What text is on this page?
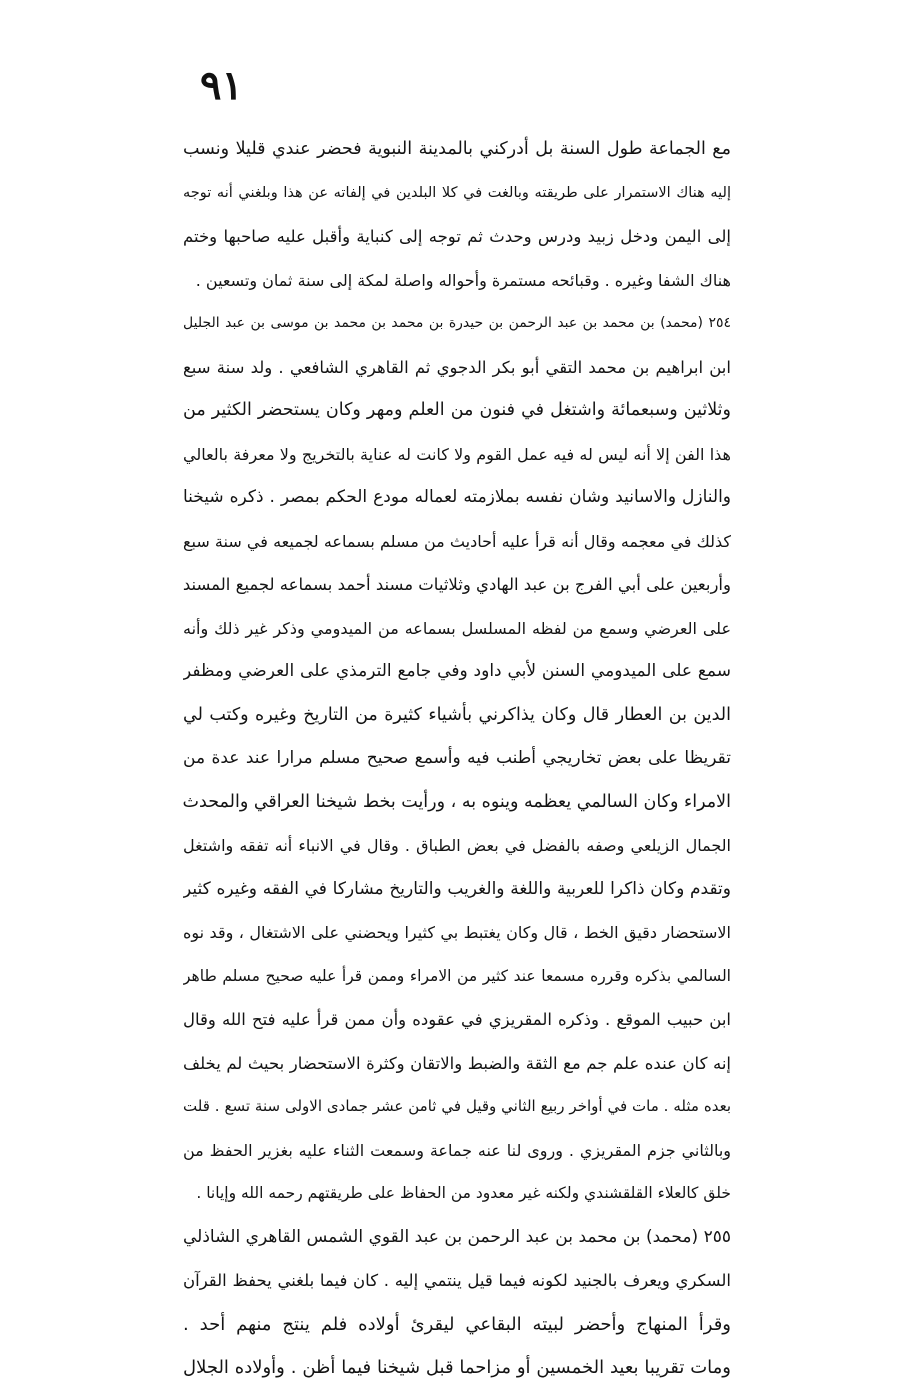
٩١
مع الجماعة طول السنة بل أدركني بالمدينة النبوية فحضر عندي قليلا ونسب
إليه هناك الاستمرار على طريقته وبالغت في كلا البلدين في إلفاته عن هذا وبلغني أنه توجه
إلى اليمن ودخل زبيد ودرس وحدث ثم توجه إلى كنباية وأقبل عليه صاحبها وختم
هناك الشفا وغيره . وقبائحه مستمرة وأحواله واصلة لمكة إلى سنة ثمان وتسعين .
٢٥٤ (محمد) بن محمد بن عبد الرحمن بن حيدرة بن محمد بن محمد بن موسى بن عبد الجليل
ابن ابراهيم بن محمد التقي أبو بكر الدجوي ثم القاهري الشافعي . ولد سنة سبع
وثلاثين وسبعمائة واشتغل في فنون من العلم ومهر وكان يستحضر الكثير من
هذا الفن إلا أنه ليس له فيه عمل القوم ولا كانت له عناية بالتخريج ولا معرفة بالعالي
والنازل والاسانيد وشان نفسه بملازمته لعماله مودع الحكم بمصر . ذكره شيخنا
كذلك في معجمه وقال أنه قرأ عليه أحاديث من مسلم بسماعه لجميعه في سنة سبع
وأربعين على أبي الفرج بن عبد الهادي وثلاثيات مسند أحمد بسماعه لجميع المسند
على العرضي وسمع من لفظه المسلسل بسماعه من الميدومي وذكر غير ذلك وأنه
سمع على الميدومي السنن لأبي داود وفي جامع الترمذي على العرضي ومظفر
الدين بن العطار قال وكان يذاكرني بأشياء كثيرة من التاريخ وغيره وكتب لي
تقريظا على بعض تخاريجي أطنب فيه وأسمع صحيح مسلم مرارا عند عدة من
الامراء وكان السالمي يعظمه وينوه به ، ورأيت بخط شيخنا العراقي والمحدث
الجمال الزيلعي وصفه بالفضل في بعض الطباق . وقال في الانباء أنه تفقه واشتغل
وتقدم وكان ذاكرا للعربية واللغة والغريب والتاريخ مشاركا في الفقه وغيره كثير
الاستحضار دقيق الخط ، قال وكان يغتبط بي كثيرا ويحضني على الاشتغال ، وقد نوه
السالمي بذكره وقرره مسمعا عند كثير من الامراء وممن قرأ عليه صحيح مسلم طاهر
ابن حبيب الموقع . وذكره المقريزي في عقوده وأن ممن قرأ عليه فتح الله وقال
إنه كان عنده علم جم مع الثقة والضبط والاتقان وكثرة الاستحضار بحيث لم يخلف
بعده مثله . مات في أواخر ربيع الثاني وقيل في ثامن عشر جمادى الاولى سنة تسع . قلت
وبالثاني جزم المقريزي . وروى لنا عنه جماعة وسمعت الثناء عليه بغزير الحفظ من
خلق كالعلاء القلقشندي ولكنه غير معدود من الحفاظ على طريقتهم رحمه الله وإيانا .
٢٥٥ (محمد) بن محمد بن عبد الرحمن بن عبد القوي الشمس القاهري الشاذلي
السكري ويعرف بالجنيد لكونه فيما قيل ينتمي إليه . كان فيما بلغني يحفظ القرآن
وقرأ المنهاج وأحضر لبيته البقاعي ليقرئ أولاده فلم ينتج منهم أحد .
ومات تقريبا بعيد الخمسين أو مزاحما قبل شيخنا فيما أظن . وأولاده الجلال
